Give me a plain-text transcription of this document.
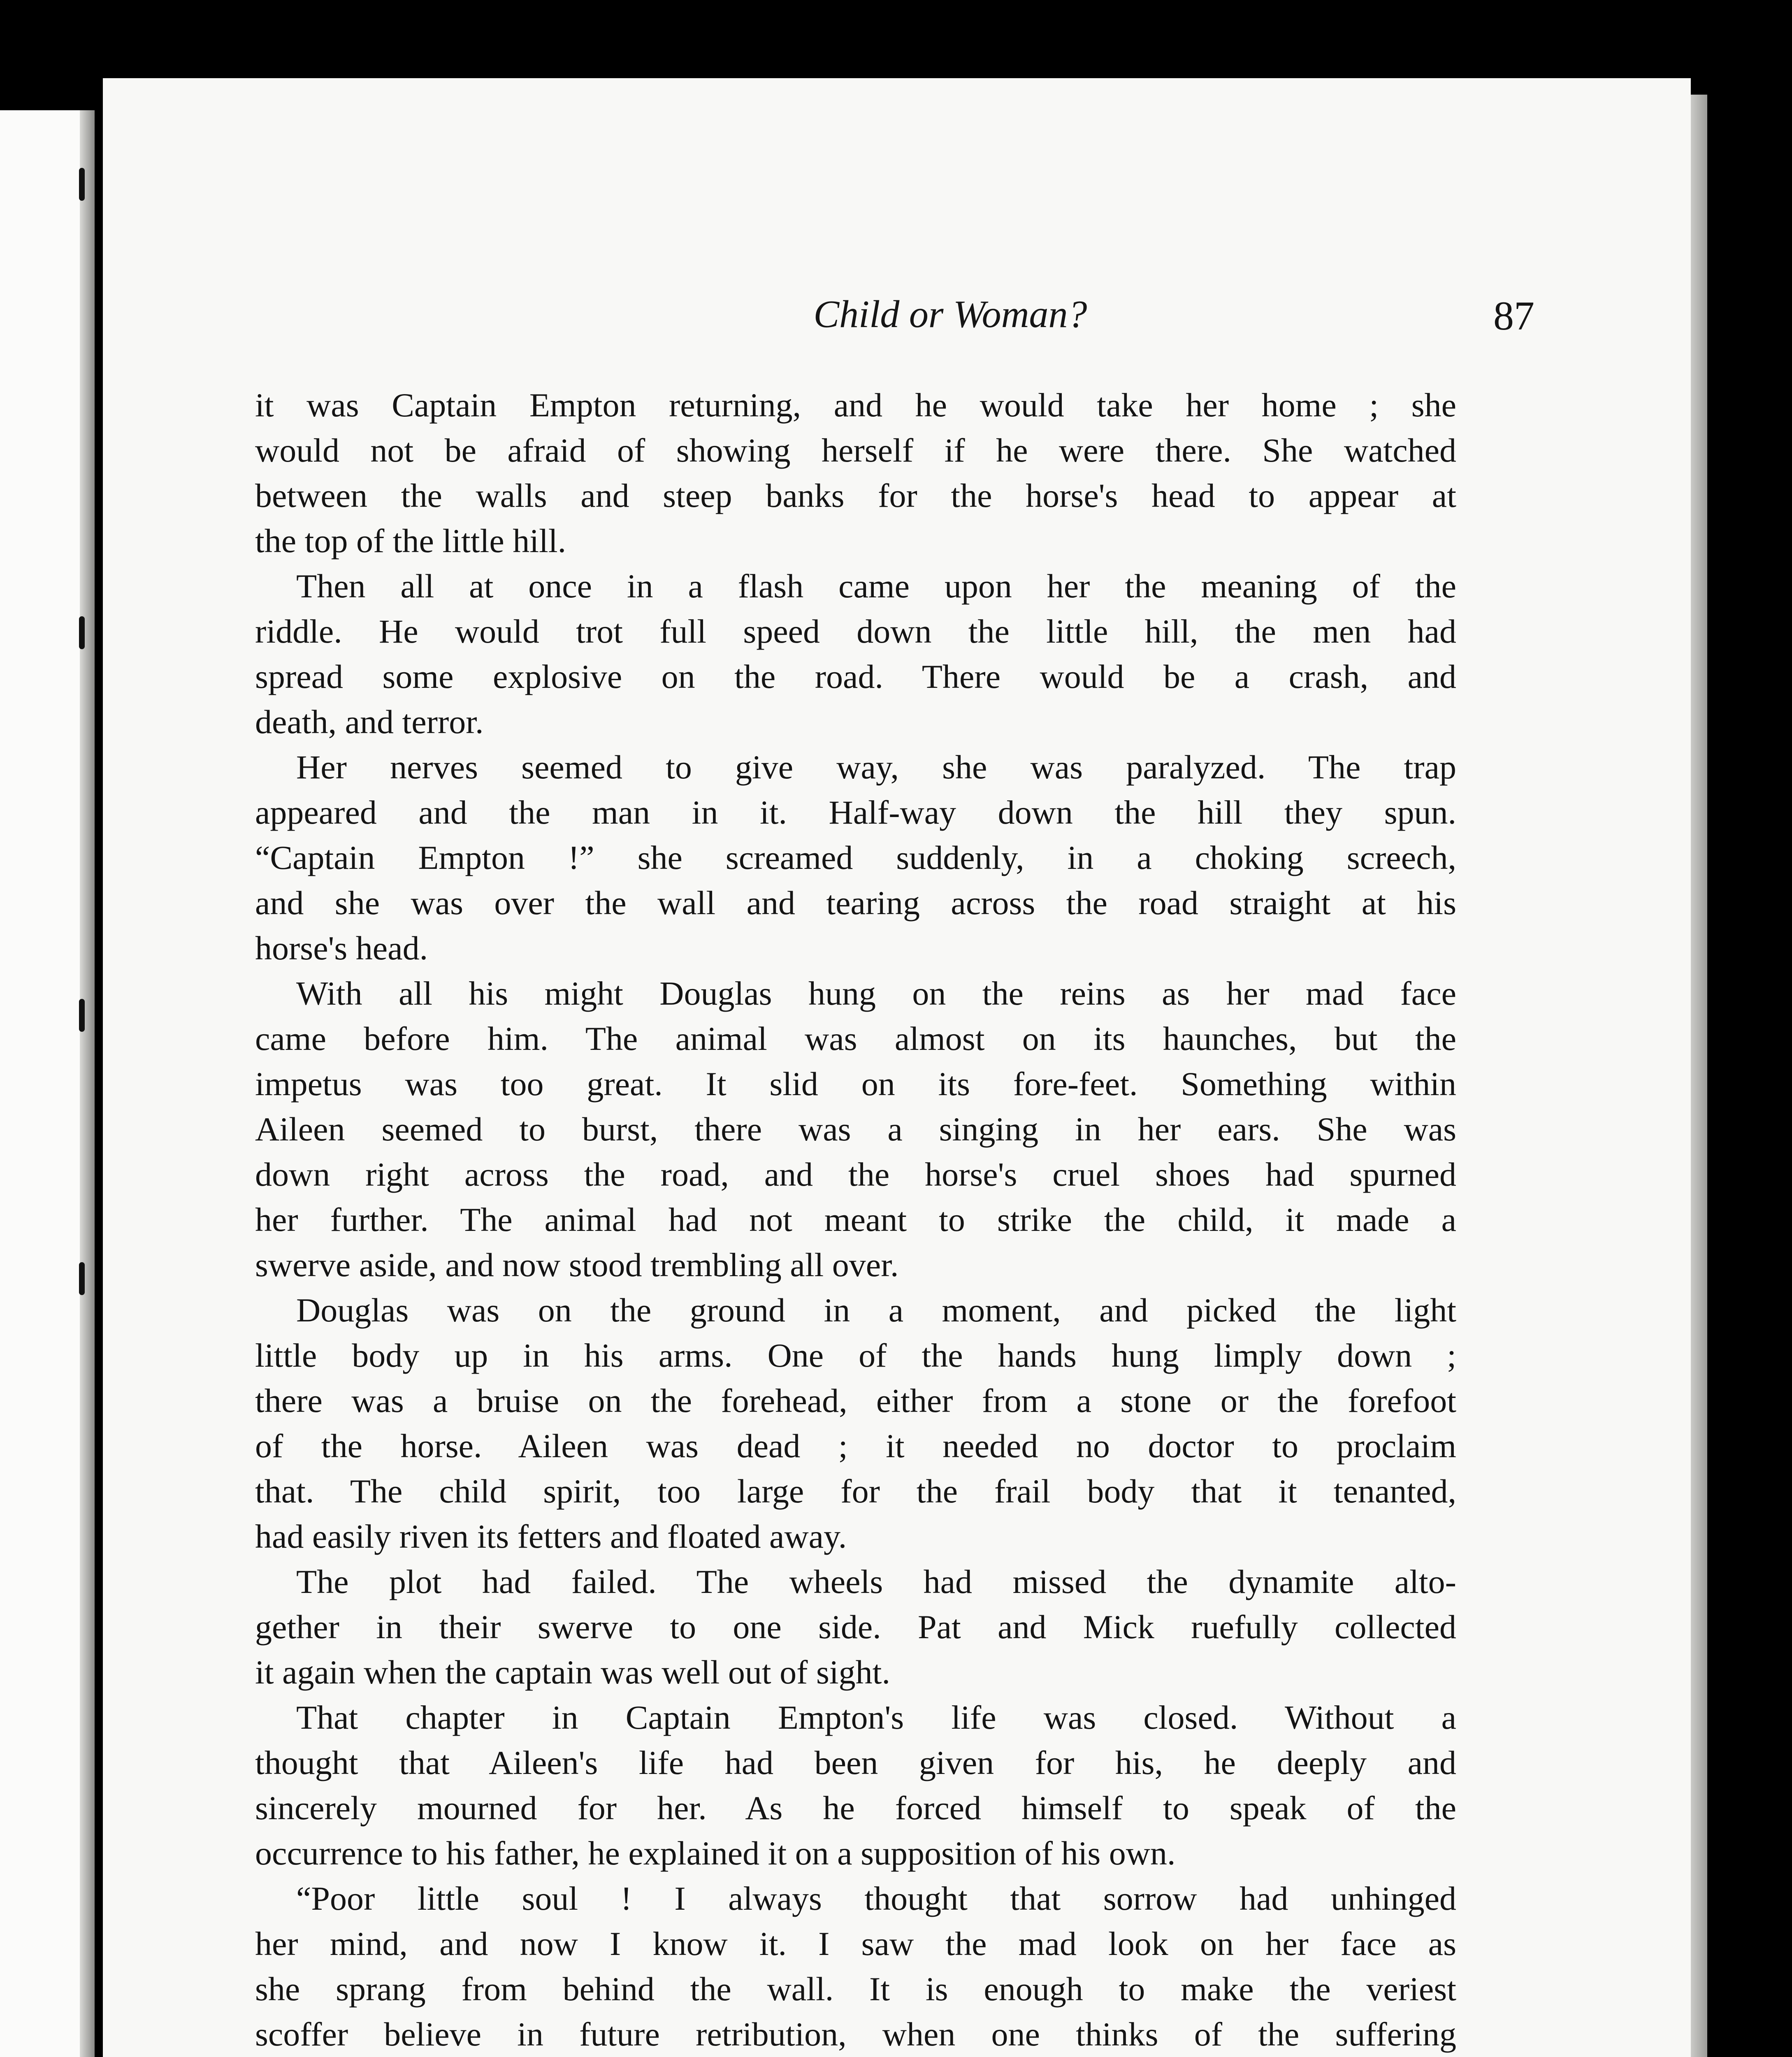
Child or Woman?	87
it was Captain Empton returning, and he would take her home ; she
would not be afraid of showing herself if he were there. She watched
between the walls and steep banks for the horse's head to appear at
the top of the little hill.
Then all at once in a flash came upon her the meaning of the
riddle. He would trot full speed down the little hill, the men had
spread some explosive on the road. There would be a crash, and
death, and terror.
Her nerves seemed to give way, she was paralyzed. The trap
appeared and the man in it. Half-way down the hill they spun.
“Captain Empton !” she screamed suddenly, in a choking screech,
and she was over the wall and tearing across the road straight at his
horse's head.
With all his might Douglas hung on the reins as her mad face
came before him. The animal was almost on its haunches, but the
impetus was too great. It slid on its fore-feet. Something within
Aileen seemed to burst, there was a singing in her ears. She was
down right across the road, and the horse's cruel shoes had spurned
her further. The animal had not meant to strike the child, it made a
swerve aside, and now stood trembling all over.
Douglas was on the ground in a moment, and picked the light
little body up in his arms. One of the hands hung limply down ;
there was a bruise on the forehead, either from a stone or the forefoot
of the horse. Aileen was dead ; it needed no doctor to proclaim
that. The child spirit, too large for the frail body that it tenanted,
had easily riven its fetters and floated away.
The plot had failed. The wheels had missed the dynamite alto-
gether in their swerve to one side. Pat and Mick ruefully collected
it again when the captain was well out of sight.
That chapter in Captain Empton's life was closed. Without a
thought that Aileen's life had been given for his, he deeply and
sincerely mourned for her. As he forced himself to speak of the
occurrence to his father, he explained it on a supposition of his own.
“Poor little soul ! I always thought that sorrow had unhinged
her mind, and now I know it. I saw the mad look on her face as
she sprang from behind the wall. It is enough to make the veriest
scoffer believe in future retribution, when one thinks of the suffering
